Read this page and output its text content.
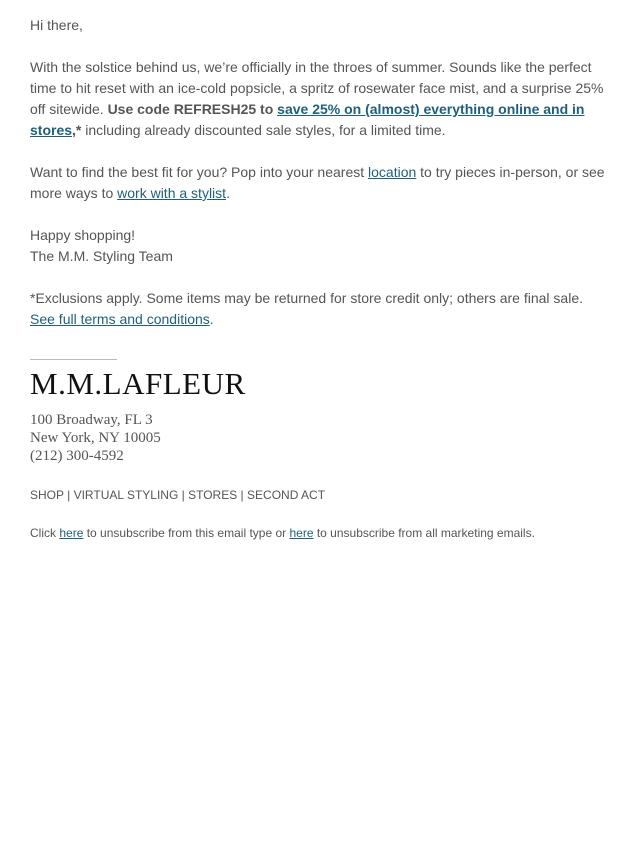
Hi there,

With the solstice behind us, we’re officially in the throes of summer. Sounds like the perfect time to hit reset with an ice-cold popsicle, a spritz of rosewater face mist, and a surprise 25% off sitewide. Use code REFRESH25 to save 25% on (almost) everything online and in stores,* including already discounted sale styles, for a limited time.

Want to find the best fit for you? Pop into your nearest location to try pieces in-person, or see more ways to work with a stylist.

Happy shopping!
The M.M. Styling Team

*Exclusions apply. Some items may be returned for store credit only; others are final sale.
See full terms and conditions.

M.M.LAFLEUR
100 Broadway, FL 3
New York, NY 10005
(212) 300-4592
SHOP | VIRTUAL STYLING | STORES | SECOND ACT
Click here to unsubscribe from this email type or here to unsubscribe from all marketing emails.
